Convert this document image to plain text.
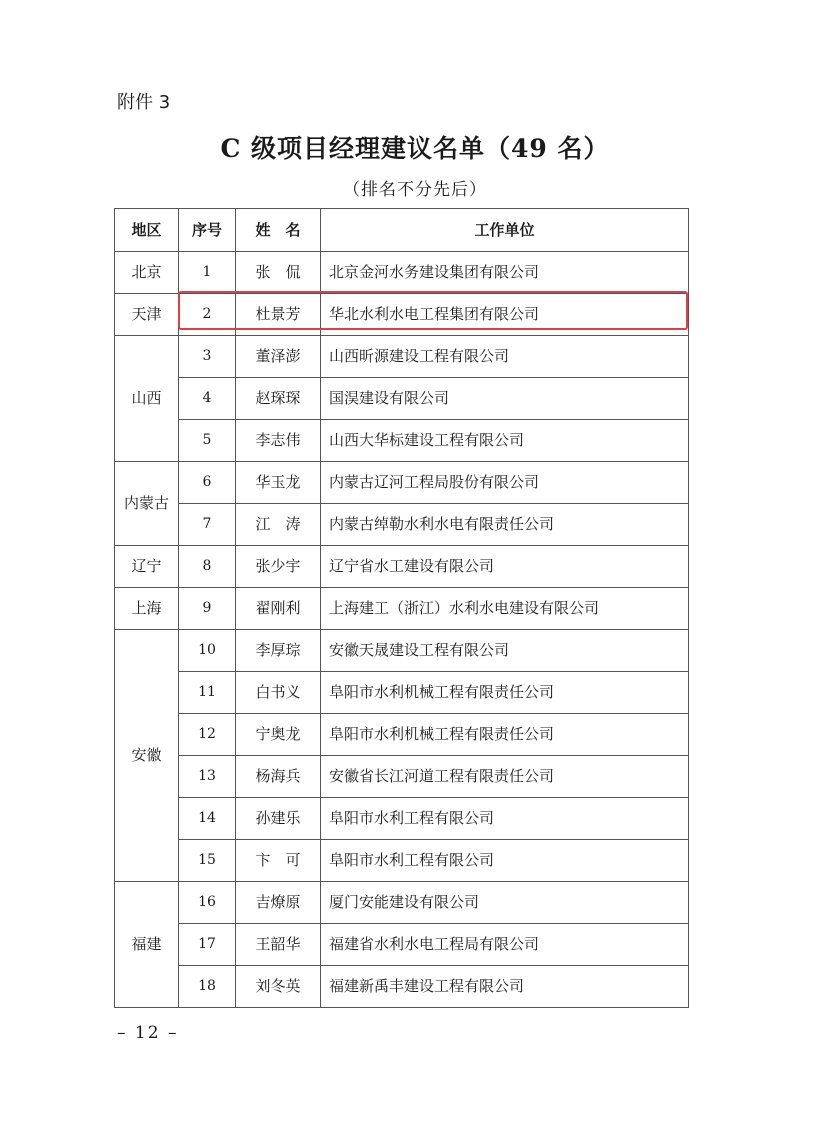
附件 3
C 级项目经理建议名单（49 名）
（排名不分先后）
地区	序号	姓　名	工作单位
北京	1	张　侃	北京金河水务建设集团有限公司
天津	2	杜景芳	华北水利水电工程集团有限公司
山西	3	董泽澎	山西昕源建设工程有限公司
	4	赵琛琛	国淏建设有限公司
	5	李志伟	山西大华标建设工程有限公司
内蒙古	6	华玉龙	内蒙古辽河工程局股份有限公司
	7	江　涛	内蒙古绰勒水利水电有限责任公司
辽宁	8	张少宇	辽宁省水工建设有限公司
上海	9	翟刚利	上海建工（浙江）水利水电建设有限公司
安徽	10	李厚琮	安徽天晟建设工程有限公司
	11	白书义	阜阳市水利机械工程有限责任公司
	12	宁奥龙	阜阳市水利机械工程有限责任公司
	13	杨海兵	安徽省长江河道工程有限责任公司
	14	孙建乐	阜阳市水利工程有限公司
	15	卞　可	阜阳市水利工程有限公司
福建	16	吉燎原	厦门安能建设有限公司
	17	王韶华	福建省水利水电工程局有限公司
	18	刘冬英	福建新禹丰建设工程有限公司
– 12 –
